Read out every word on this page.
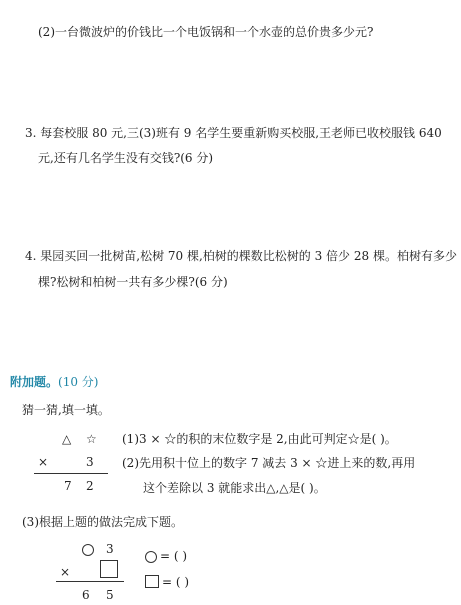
(2)一台微波炉的价钱比一个电饭锅和一个水壶的总价贵多少元?
3. 每套校服 80 元,三(3)班有 9 名学生要重新购买校服,王老师已收校服钱 640
元,还有几名学生没有交钱?(6 分)
4. 果园买回一批树苗,松树 70 棵,柏树的棵数比松树的 3 倍少 28 棵。柏树有多少
棵?松树和柏树一共有多少棵?(6 分)
附加题。(10 分)
猜一猜,填一填。
△ ☆
×	3
7 2
(1)3 × ☆的积的末位数字是 2,由此可判定☆是( )。
(2)先用积十位上的数字 7 减去 3 × ☆进上来的数,再用
这个差除以 3 就能求出△,△是( )。
(3)根据上题的做法完成下题。
3
×
6 5
= ( )
= ( )
